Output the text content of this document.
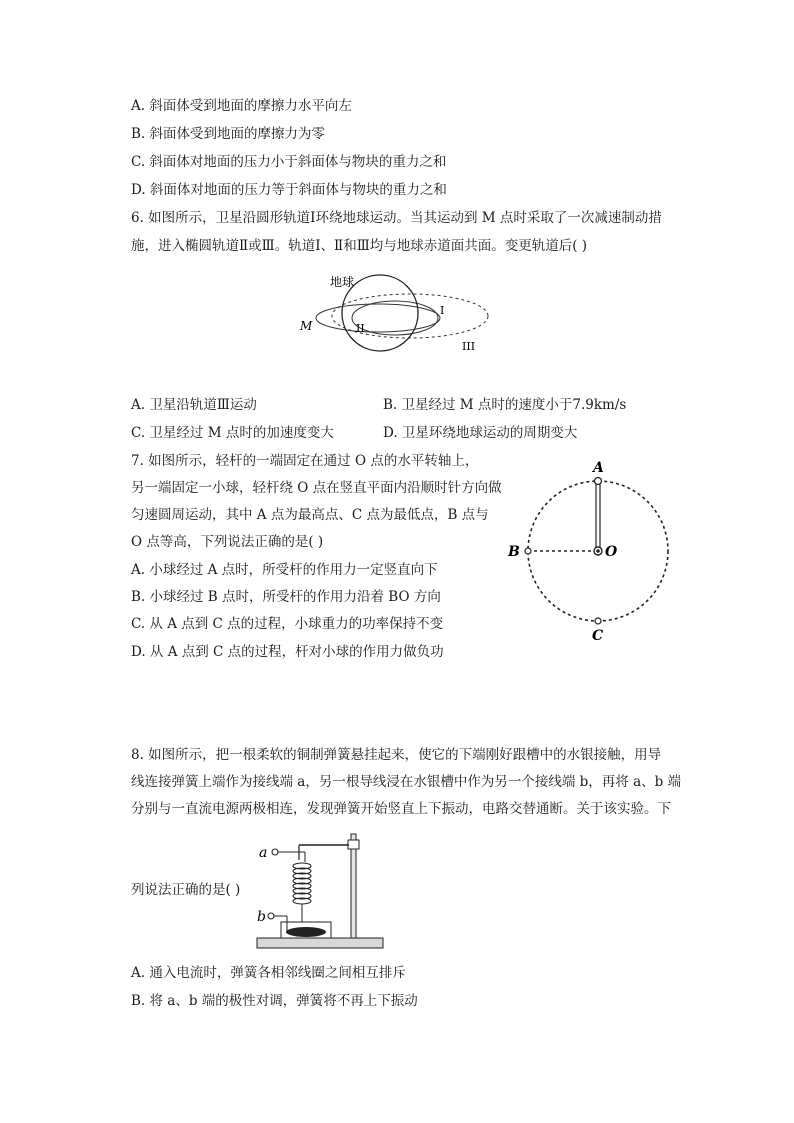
A. 斜面体受到地面的摩擦力水平向左
B. 斜面体受到地面的摩擦力为零
C. 斜面体对地面的压力小于斜面体与物块的重力之和
D. 斜面体对地面的压力等于斜面体与物块的重力之和
6. 如图所示，卫星沿圆形轨道Ⅰ环绕地球运动。当其运动到 M 点时采取了一次减速制动措
施，进入椭圆轨道Ⅱ或Ⅲ。轨道Ⅰ、Ⅱ和Ⅲ均与地球赤道面共面。变更轨道后( )
地球
M	II
I
III
A. 卫星沿轨道Ⅲ运动	B. 卫星经过 M 点时的速度小于7.9km/s
C. 卫星经过 M 点时的加速度变大	D. 卫星环绕地球运动的周期变大
7. 如图所示，轻杆的一端固定在通过 O 点的水平转轴上，
另一端固定一小球，轻杆绕 O 点在竖直平面内沿顺时针方向做
匀速圆周运动，其中 A 点为最高点、C 点为最低点，B 点与
O 点等高，下列说法正确的是( )
A. 小球经过 A 点时，所受杆的作用力一定竖直向下
B. 小球经过 B 点时，所受杆的作用力沿着 BO 方向
C. 从 A 点到 C 点的过程，小球重力的功率保持不变
D. 从 A 点到 C 点的过程，杆对小球的作用力做负功
A
B	O
C
8. 如图所示，把一根柔软的铜制弹簧悬挂起来，使它的下端刚好跟槽中的水银接触，用导
线连接弹簧上端作为接线端 a，另一根导线浸在水银槽中作为另一个接线端 b，再将 a、b 端
分别与一直流电源两极相连，发现弹簧开始竖直上下振动，电路交替通断。关于该实验。下
列说法正确的是( )
a
b
A. 通入电流时，弹簧各相邻线圈之间相互排斥
B. 将 a、b 端的极性对调，弹簧将不再上下振动
